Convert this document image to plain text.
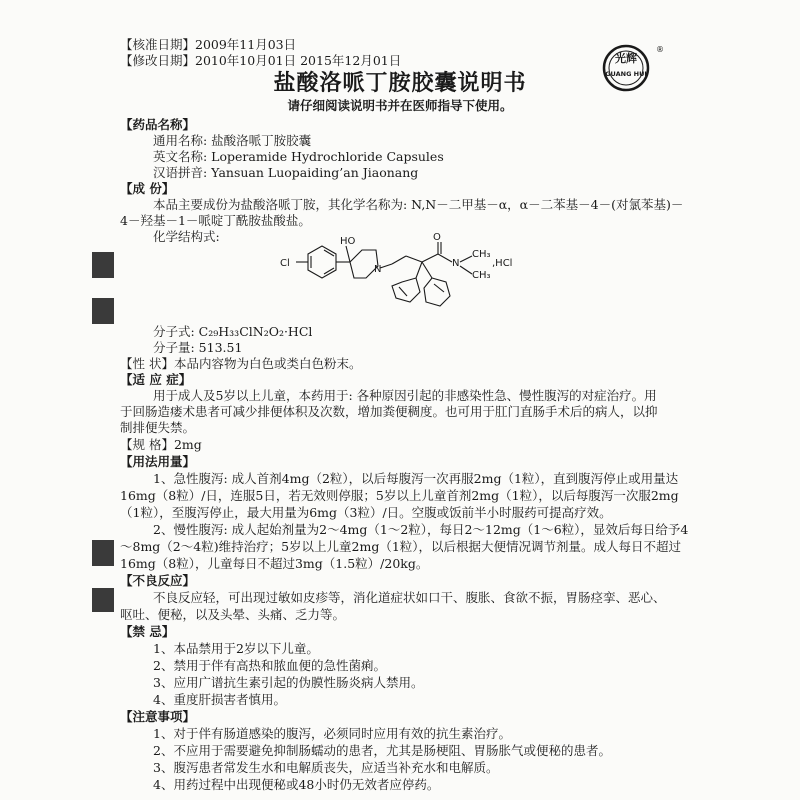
【核准日期】2009年11月03日
【修改日期】2010年10月01日 2015年12月01日	光辉
GUANG HUI
®
盐酸洛哌丁胺胶囊说明书
请仔细阅读说明书并在医师指导下使用。
【药品名称】
通用名称: 盐酸洛哌丁胺胶囊
英文名称: Loperamide Hydrochloride Capsules
汉语拼音: Yansuan Luopaiding’an Jiaonang
【成 份】
本品主要成份为盐酸洛哌丁胺，其化学名称为: N,N－二甲基－α，α－二苯基－4－(对氯苯基)－
4－羟基－1－哌啶丁酰胺盐酸盐。
化学结构式:
Cl
HO
N
O
N
CH₃
CH₃
,HCl
分子式: C₂₉H₃₃ClN₂O₂·HCl
分子量: 513.51
【性 状】本品内容物为白色或类白色粉末。
【适 应 症】
用于成人及5岁以上儿童，本药用于: 各种原因引起的非感染性急、慢性腹泻的对症治疗。用
于回肠造瘘术患者可减少排便体积及次数，增加粪便稠度。也可用于肛门直肠手术后的病人，以抑
制排便失禁。
【规 格】2mg
【用法用量】
1、急性腹泻: 成人首剂4mg（2粒），以后每腹泻一次再服2mg（1粒），直到腹泻停止或用量达
16mg（8粒）/日，连服5日，若无效则停服；5岁以上儿童首剂2mg（1粒），以后每腹泻一次服2mg
（1粒），至腹泻停止，最大用量为6mg（3粒）/日。空腹或饭前半小时服药可提高疗效。
2、慢性腹泻: 成人起始剂量为2～4mg（1～2粒），每日2～12mg（1～6粒），显效后每日给予4
～8mg（2～4粒)维持治疗；5岁以上儿童2mg（1粒），以后根据大便情况调节剂量。成人每日不超过
16mg（8粒），儿童每日不超过3mg（1.5粒）/20kg。
【不良反应】
不良反应轻，可出现过敏如皮疹等，消化道症状如口干、腹胀、食欲不振，胃肠痉挛、恶心、
呕吐、便秘，以及头晕、头痛、乏力等。
【禁 忌】
1、本品禁用于2岁以下儿童。
2、禁用于伴有高热和脓血便的急性菌痢。
3、应用广谱抗生素引起的伪膜性肠炎病人禁用。
4、重度肝损害者慎用。
【注意事项】
1、对于伴有肠道感染的腹泻，必须同时应用有效的抗生素治疗。
2、不应用于需要避免抑制肠蠕动的患者，尤其是肠梗阻、胃肠胀气或便秘的患者。
3、腹泻患者常发生水和电解质丧失，应适当补充水和电解质。
4、用药过程中出现便秘或48小时仍无效者应停药。
